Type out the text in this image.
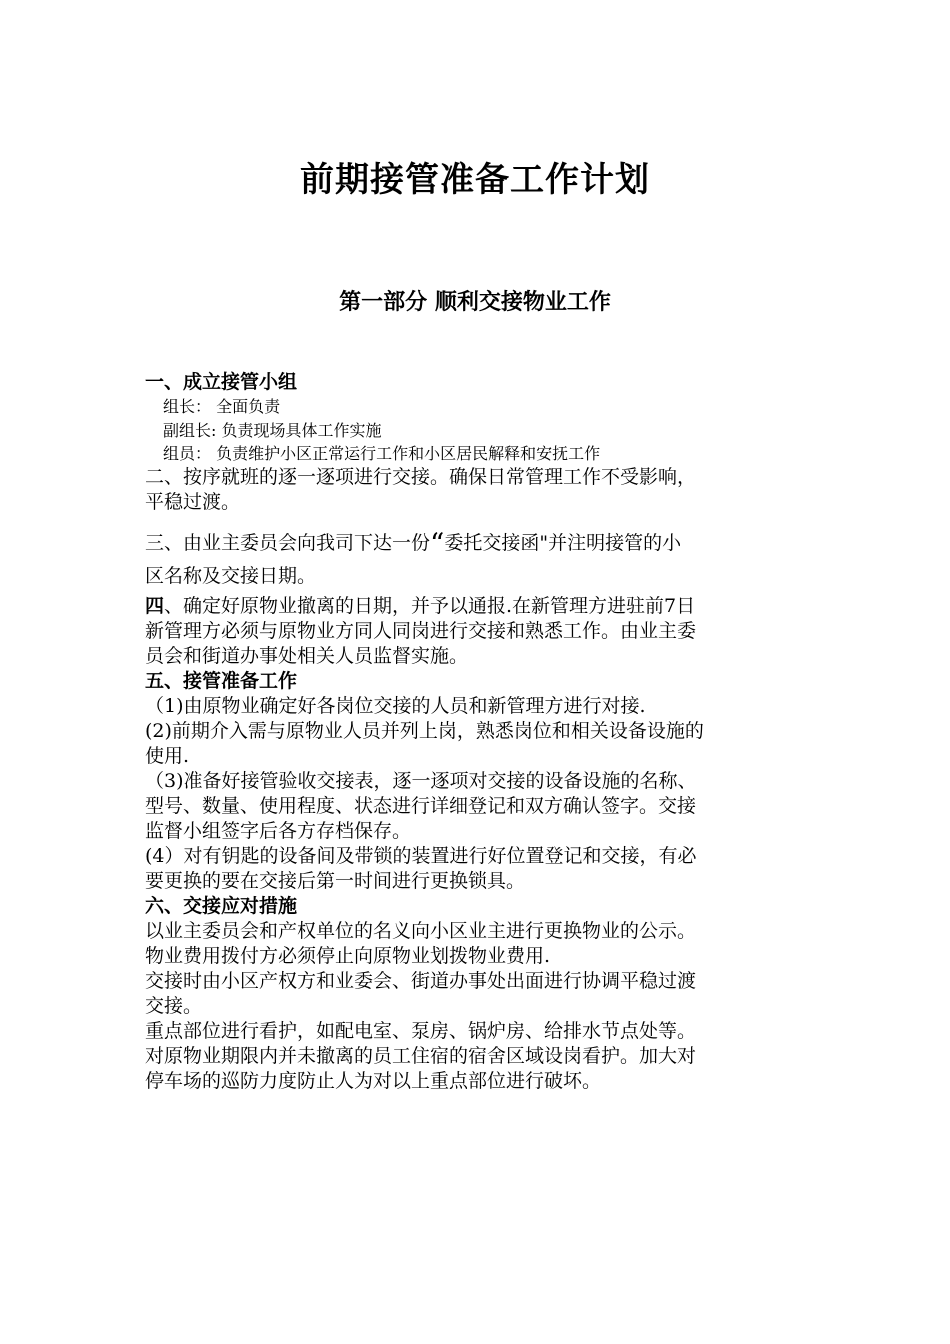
前期接管准备工作计划
第一部分 顺利交接物业工作

一、成立接管小组

组长： 全面负责

副组长: 负责现场具体工作实施

组员： 负责维护小区正常运行工作和小区居民解释和安抚工作

二、按序就班的逐一逐项进行交接。确保日常管理工作不受影响，

平稳过渡。

三、由业主委员会向我司下达一份“委托交接函"并注明接管的小

区名称及交接日期。

四、确定好原物业撤离的日期，并予以通报.在新管理方进驻前7日

新管理方必须与原物业方同人同岗进行交接和熟悉工作。由业主委

员会和街道办事处相关人员监督实施。

五、接管准备工作

（1)由原物业确定好各岗位交接的人员和新管理方进行对接.

(2)前期介入需与原物业人员并列上岗，熟悉岗位和相关设备设施的

使用.

（3)准备好接管验收交接表，逐一逐项对交接的设备设施的名称、

型号、数量、使用程度、状态进行详细登记和双方确认签字。交接

监督小组签字后各方存档保存。

(4）对有钥匙的设备间及带锁的装置进行好位置登记和交接，有必

要更换的要在交接后第一时间进行更换锁具。

六、交接应对措施

以业主委员会和产权单位的名义向小区业主进行更换物业的公示。

物业费用拨付方必须停止向原物业划拨物业费用.

交接时由小区产权方和业委会、街道办事处出面进行协调平稳过渡

交接。

重点部位进行看护，如配电室、泵房、锅炉房、给排水节点处等。

对原物业期限内并未撤离的员工住宿的宿舍区域设岗看护。加大对

停车场的巡防力度防止人为对以上重点部位进行破坏。
